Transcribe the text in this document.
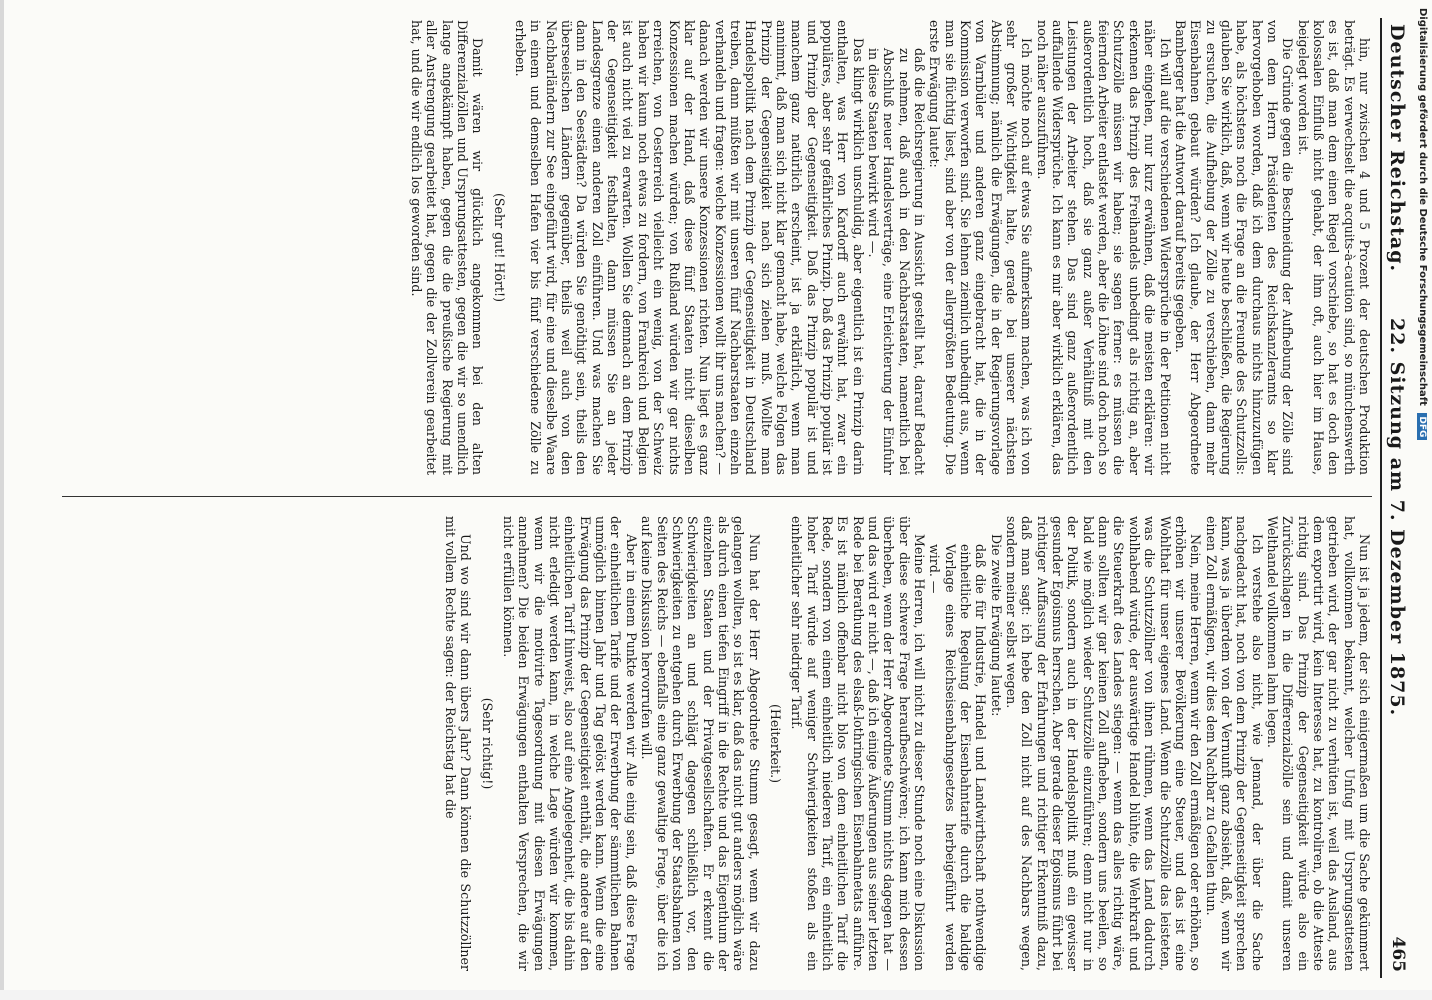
Deutscher Reichstag.
22. Sitzung am 7. Dezember 1875.
465

hin, nur zwischen 4 und 5 Prozent der deutschen Produktion beträgt. Es verwechselt die acquits-à-caution sind, so münchenswerth es ist, daß man dem einen Riegel vorschiebe, so hat es doch den kolossalen Einfluß nicht gehabt, der ihm oft, auch hier im Hause, beigelegt worden ist.

Die Gründe gegen die Beschneidung der Aufhebung der Zölle sind von dem Herrn Präsidenten des Reichskanzleramts so klar hervorgehoben worden, daß ich dem durchaus nichts hinzuzufügen habe, als höchstens noch die Frage an die Freunde des Schutzzolls: glauben Sie wirklich, daß, wenn wir heute beschließen, die Regierung zu ersuchen, die Aufhebung der Zölle zu verschieben, dann mehr Eisenbahnen gebaut würden? Ich glaube, der Herr Abgeordnete Bamberger hat die Antwort darauf bereits gegeben.

Ich will auf die verschiedenen Widersprüche in der Petitionen nicht näher eingehen, nur kurz erwähnen, daß die meisten erklären: wir erkennen das Prinzip des Freihandels unbedingt als richtig an, aber Schutzzölle müssen wir haben; sie sagen ferner: es müssen die feiernden Arbeiter entlastet werden, aber die Löhne sind doch noch so außerordentlich hoch, daß sie ganz außer Verhältniß mit den Leistungen der Arbeiter stehen. Das sind ganz außerordentlich auffallende Widersprüche. Ich kann es mir aber wirklich erklären, das noch näher auszuführen.

Ich möchte noch auf etwas Sie aufmerksam machen, was ich von sehr großer Wichtigkeit halte, gerade bei unserer nächsten Abstimmung; nämlich die Erwägungen, die in der Regierungsvorlage von Varnbüler und anderen ganz eingebracht hat, die in der Kommission verworfen sind. Sie lehnen ziemlich unbedingt aus, wenn man sie flüchtig liest, sind aber von der allergrößten Bedeutung. Die erste Erwägung lautet:

daß die Reichsregierung in Aussicht gestellt hat, darauf Bedacht zu nehmen, daß auch in den Nachbarstaaten, namentlich bei Abschluß neuer Handelsverträge, eine Erleichterung der Einfuhr in diese Staaten bewirkt wird —.

Das klingt wirklich unschuldig, aber eigentlich ist ein Prinzip darin enthalten, was Herr von Kardorff auch erwähnt hat, zwar ein populäres, aber sehr gefährliches Prinzip. Daß das Prinzip populär ist und Prinzip der Gegenseitigkeit. Daß das Prinzip populär ist und manchem ganz natürlich erscheint, ist ja erklärlich, wenn man annimmt, daß man sich nicht klar gemacht habe, welche Folgen das Prinzip der Gegenseitigkeit nach sich ziehen muß. Wollte man Handelspolitik nach dem Prinzip der Gegenseitigkeit in Deutschland treiben, dann müßten wir mit unseren fünf Nachbarstaaten einzeln verhandeln und fragen: welche Konzessionen wollt ihr uns machen? — danach werden wir unsere Konzessionen richten. Nun liegt es ganz klar auf der Hand, daß diese fünf Staaten nicht dieselben Konzessionen machen würden; von Rußland würden wir gar nichts erreichen, von Oesterreich vielleicht ein wenig, von der Schweiz haben wir kaum noch etwas zu fordern, von Frankreich und Belgien ist auch nicht viel zu erwarten. Wollen Sie demnach an dem Prinzip der Gegenseitigkeit festhalten, dann müssen Sie an jeder Landesgrenze einen anderen Zoll einführen. Und was machen Sie dann in den Seestädten? Da würden Sie genöthigt sein, theils den überseeischen Ländern gegenüber, theils weil auch von den Nachbarländern zur See eingeführt wird, für eine und dieselbe Waare in einem und demselben Hafen vier bis fünf verschiedene Zölle zu erheben.

(Sehr gut! Hört!)

Damit wären wir glücklich angekommen bei den alten Differenzialzöllen und Ursprungsattesten, gegen die wir so unendlich lange angekämpft haben, gegen die die preußische Regierung mit aller Anstrengung gearbeitet hat, gegen die der Zollverein gearbeitet hat, und die wir endlich los geworden sind.

Nun ist ja jedem, der sich einigermaßen um die Sache gekümmert hat, vollkommen bekannt, welcher Unfug mit Ursprungsattesten getrieben wird, der gar nicht zu verhüten ist, weil das Ausland, aus dem exportirt wird, kein Interesse hat, zu kontroliren, ob die Atteste richtig sind. Das Prinzip der Gegenseitigkeit würde also ein Zurückschlagen in die Differenzialzölle sein und damit unseren Welthandel vollkommen lahm legen.

Ich verstehe also nicht, wie Jemand, der über die Sache nachgedacht hat, noch von dem Prinzip der Gegenseitigkeit sprechen kann, was ja überdem von der Vernunft ganz absieht, daß, wenn wir einen Zoll ermäßigen, wir dies dem Nachbar zu Gefallen thun.

Nein, meine Herren, wenn wir den Zoll ermäßigen oder erhöhen, so erhöhen wir unserer Bevölkerung eine Steuer, und das ist eine Wohlthat für unser eigenes Land. Wenn die Schutzzölle das leisteten, was die Schutzzöllner von ihnen rühmen, wenn das Land dadurch wohlhabend würde, der auswärtige Handel blühte, die Wehrkraft und die Steuerkraft des Landes stiegen: — wenn das alles richtig wäre, dann sollten wir gar keinen Zoll aufheben, sondern uns beeilen, so bald wie möglich wieder Schutzzölle einzuführen; denn nicht nur in der Politik, sondern auch in der Handelspolitik muß ein gewisser gesunder Egoismus herrschen. Aber gerade dieser Egoismus führt bei richtiger Auffassung der Erfahrungen und richtiger Erkenntniß dazu, daß man sagt: ich hebe den Zoll nicht auf des Nachbars wegen, sondern meiner selbst wegen.

Die zweite Erwägung lautet:

daß die für Industrie, Handel und Landwirthschaft nothwendige einheitliche Regelung der Eisenbahntarife durch die baldige Vorlage eines Reichseisenbahngesetzes herbeigeführt werden wird. —

Meine Herren, ich will nicht zu dieser Stunde noch eine Diskussion über diese schwere Frage heraufbeschwören; ich kann mich dessen überheben, wenn der Herr Abgeordnete Stumm nichts dagegen hat — und das wird er nicht —, daß ich einige Äußerungen aus seiner letzten Rede bei Berathung des elsaß-lothringischen Eisenbahnetats anführe. Es ist nämlich offenbar nicht blos von dem einheitlichen Tarif die Rede, sondern von einem einheitlich niederen Tarif, ein einheitlich hoher Tarif würde auf weniger Schwierigkeiten stoßen als ein einheitlicher sehr niedriger Tarif.

(Heiterkeit.)

Nun hat der Herr Abgeordnete Stumm gesagt, wenn wir dazu gelangen wollten, so ist es klar, daß das nicht gut anders möglich wäre als durch einen tiefen Eingriff in die Rechte und das Eigenthum der einzelnen Staaten und der Privatgesellschaften. Er erkennt die Schwierigkeiten an und schlägt dagegen schließlich vor, den Schwierigkeiten zu entgehen durch Erwerbung der Staatsbahnen von Seiten des Reichs — ebenfalls eine ganz gewaltige Frage, über die ich auf keine Diskussion hervorrufen will.

Aber in einem Punkte werden wir Alle einig sein, daß diese Frage der einheitlichen Tarife und der Erwerbung der sämmtlichen Bahnen unmöglich binnen Jahr und Tag gelöst werden kann. Wenn die eine Erwägung das Prinzip der Gegenseitigkeit enthält, die andere auf den einheitlichen Tarif hinweist, also auf eine Angelegenheit, die bis dahin nicht erledigt werden kann, in welche Lage würden wir kommen, wenn wir die motivirte Tagesordnung mit diesen Erwägungen annehmen? Die beiden Erwägungen enthalten Versprechen, die wir nicht erfüllen können.

(Sehr richtig!)

Und wo sind wir dann übers Jahr? Dann können die Schutzzöllner mit vollem Rechte sagen: der Reichstag hat die

Digitalisierung gefördert durch die Deutsche Forschungsgemeinschaft DFG
